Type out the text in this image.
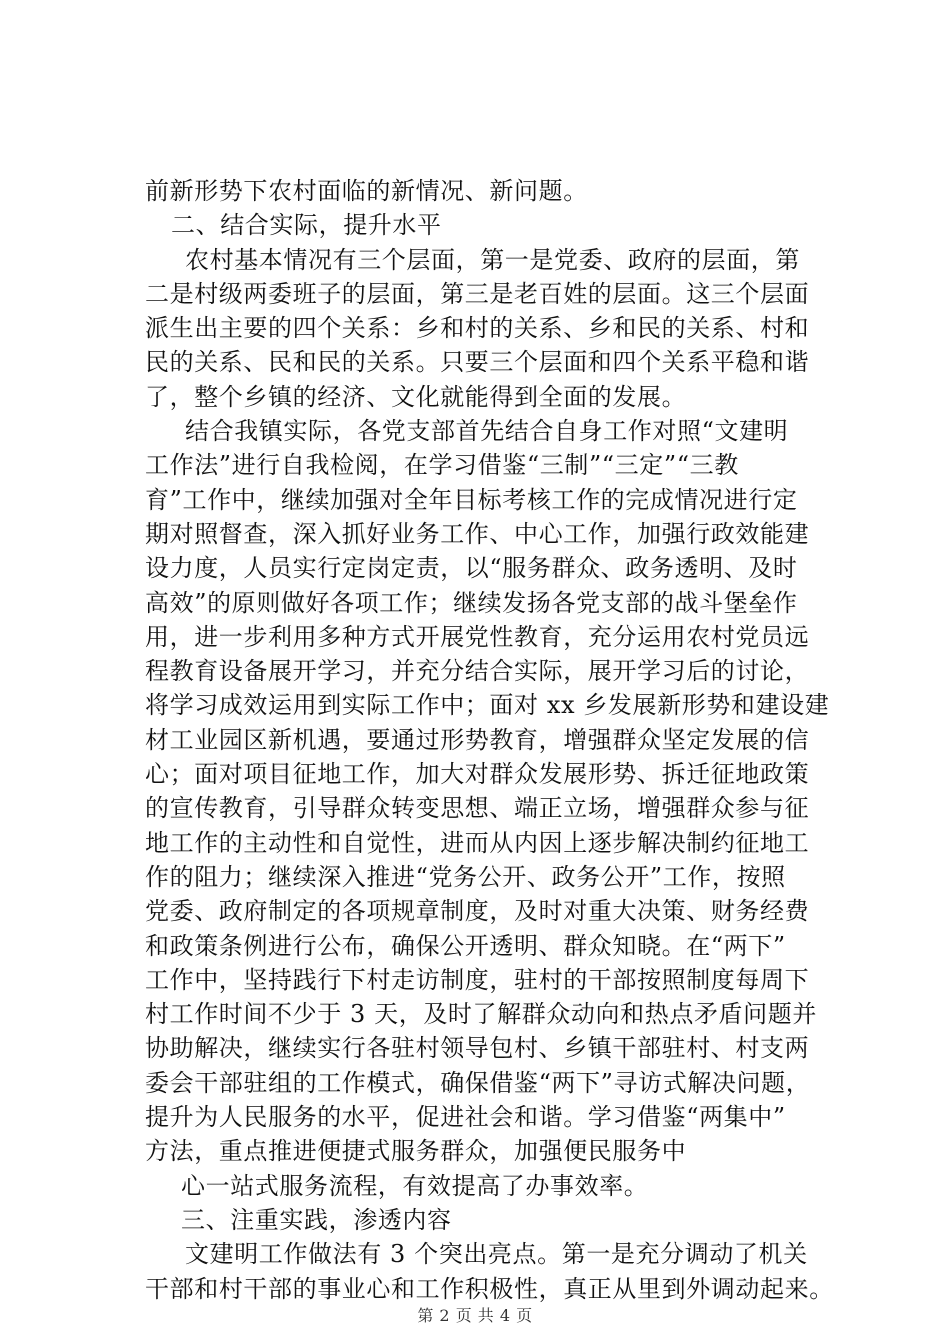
前新形势下农村面临的新情况、新问题。
二、结合实际，提升水平
农村基本情况有三个层面，第一是党委、政府的层面，第
二是村级两委班子的层面，第三是老百姓的层面。这三个层面
派生出主要的四个关系：乡和村的关系、乡和民的关系、村和
民的关系、民和民的关系。只要三个层面和四个关系平稳和谐
了，整个乡镇的经济、文化就能得到全面的发展。
结合我镇实际，各党支部首先结合自身工作对照“文建明
工作法”进行自我检阅，在学习借鉴“三制”“三定”“三教
育”工作中，继续加强对全年目标考核工作的完成情况进行定
期对照督查，深入抓好业务工作、中心工作，加强行政效能建
设力度，人员实行定岗定责，以“服务群众、政务透明、及时
高效”的原则做好各项工作；继续发扬各党支部的战斗堡垒作
用，进一步利用多种方式开展党性教育，充分运用农村党员远
程教育设备展开学习，并充分结合实际，展开学习后的讨论，
将学习成效运用到实际工作中；面对 xx 乡发展新形势和建设建
材工业园区新机遇，要通过形势教育，增强群众坚定发展的信
心；面对项目征地工作，加大对群众发展形势、拆迁征地政策
的宣传教育，引导群众转变思想、端正立场，增强群众参与征
地工作的主动性和自觉性，进而从内因上逐步解决制约征地工
作的阻力；继续深入推进“党务公开、政务公开”工作，按照
党委、政府制定的各项规章制度，及时对重大决策、财务经费
和政策条例进行公布，确保公开透明、群众知晓。在“两下”
工作中，坚持践行下村走访制度，驻村的干部按照制度每周下
村工作时间不少于 3 天，及时了解群众动向和热点矛盾问题并
协助解决，继续实行各驻村领导包村、乡镇干部驻村、村支两
委会干部驻组的工作模式，确保借鉴“两下”寻访式解决问题，
提升为人民服务的水平，促进社会和谐。学习借鉴“两集中”
方法，重点推进便捷式服务群众，加强便民服务中
心一站式服务流程，有效提高了办事效率。
三、注重实践，渗透内容
文建明工作做法有 3 个突出亮点。第一是充分调动了机关
干部和村干部的事业心和工作积极性，真正从里到外调动起来。
第 2 页 共 4 页
